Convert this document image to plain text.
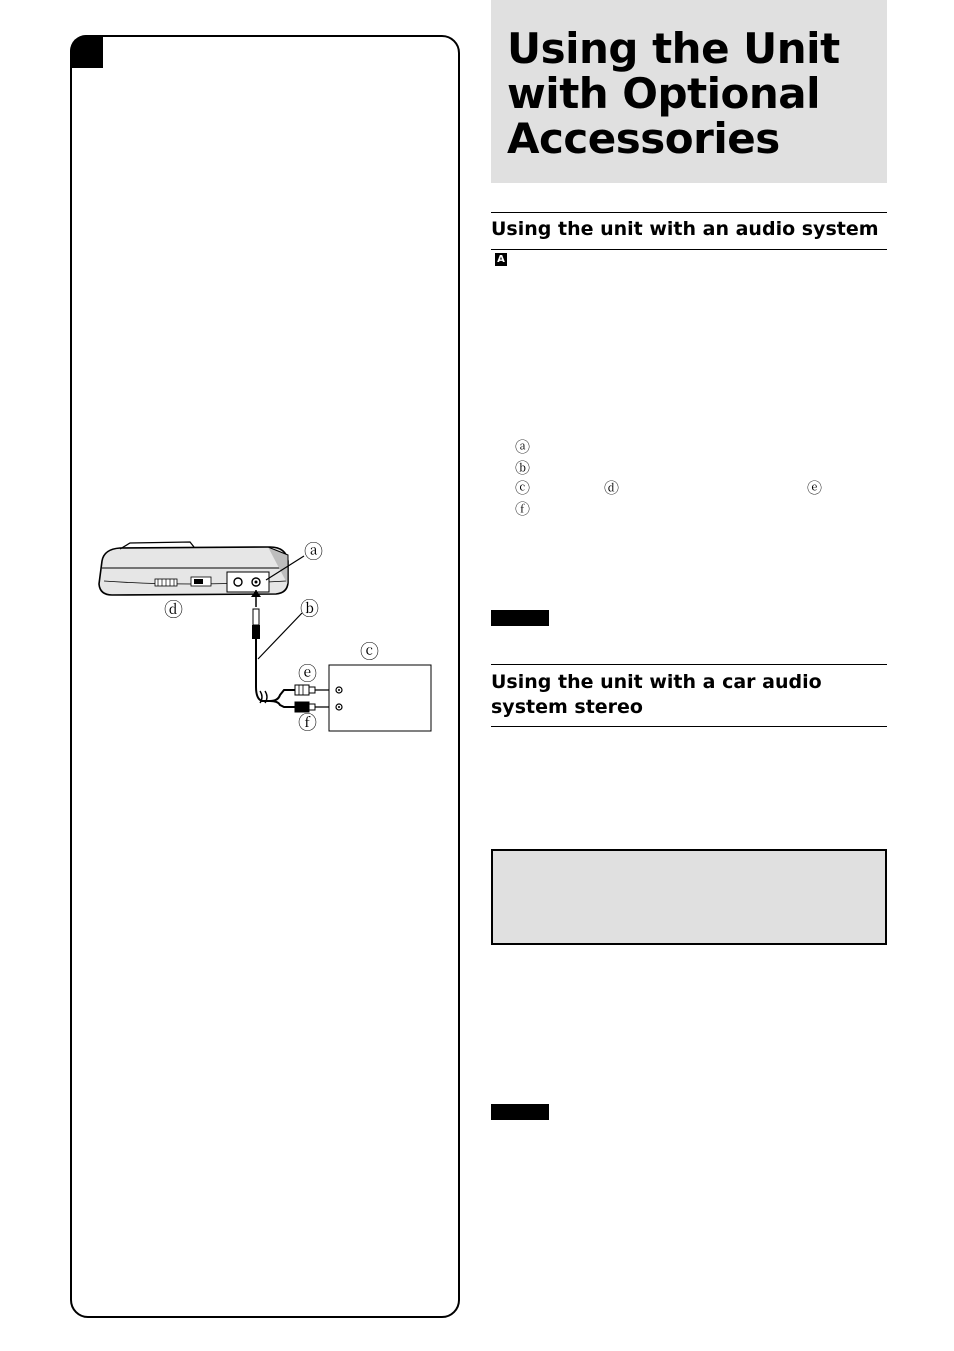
ⓐ
ⓑ
ⓒ
ⓓ
ⓔ
ⓕ
Using the Unit
with Optional
Accessories
Using the unit with an audio systemA
ⓐ
ⓑ
ⓒ	ⓓ	ⓔ
ⓕ
Using the unit with a car audio
system stereo
